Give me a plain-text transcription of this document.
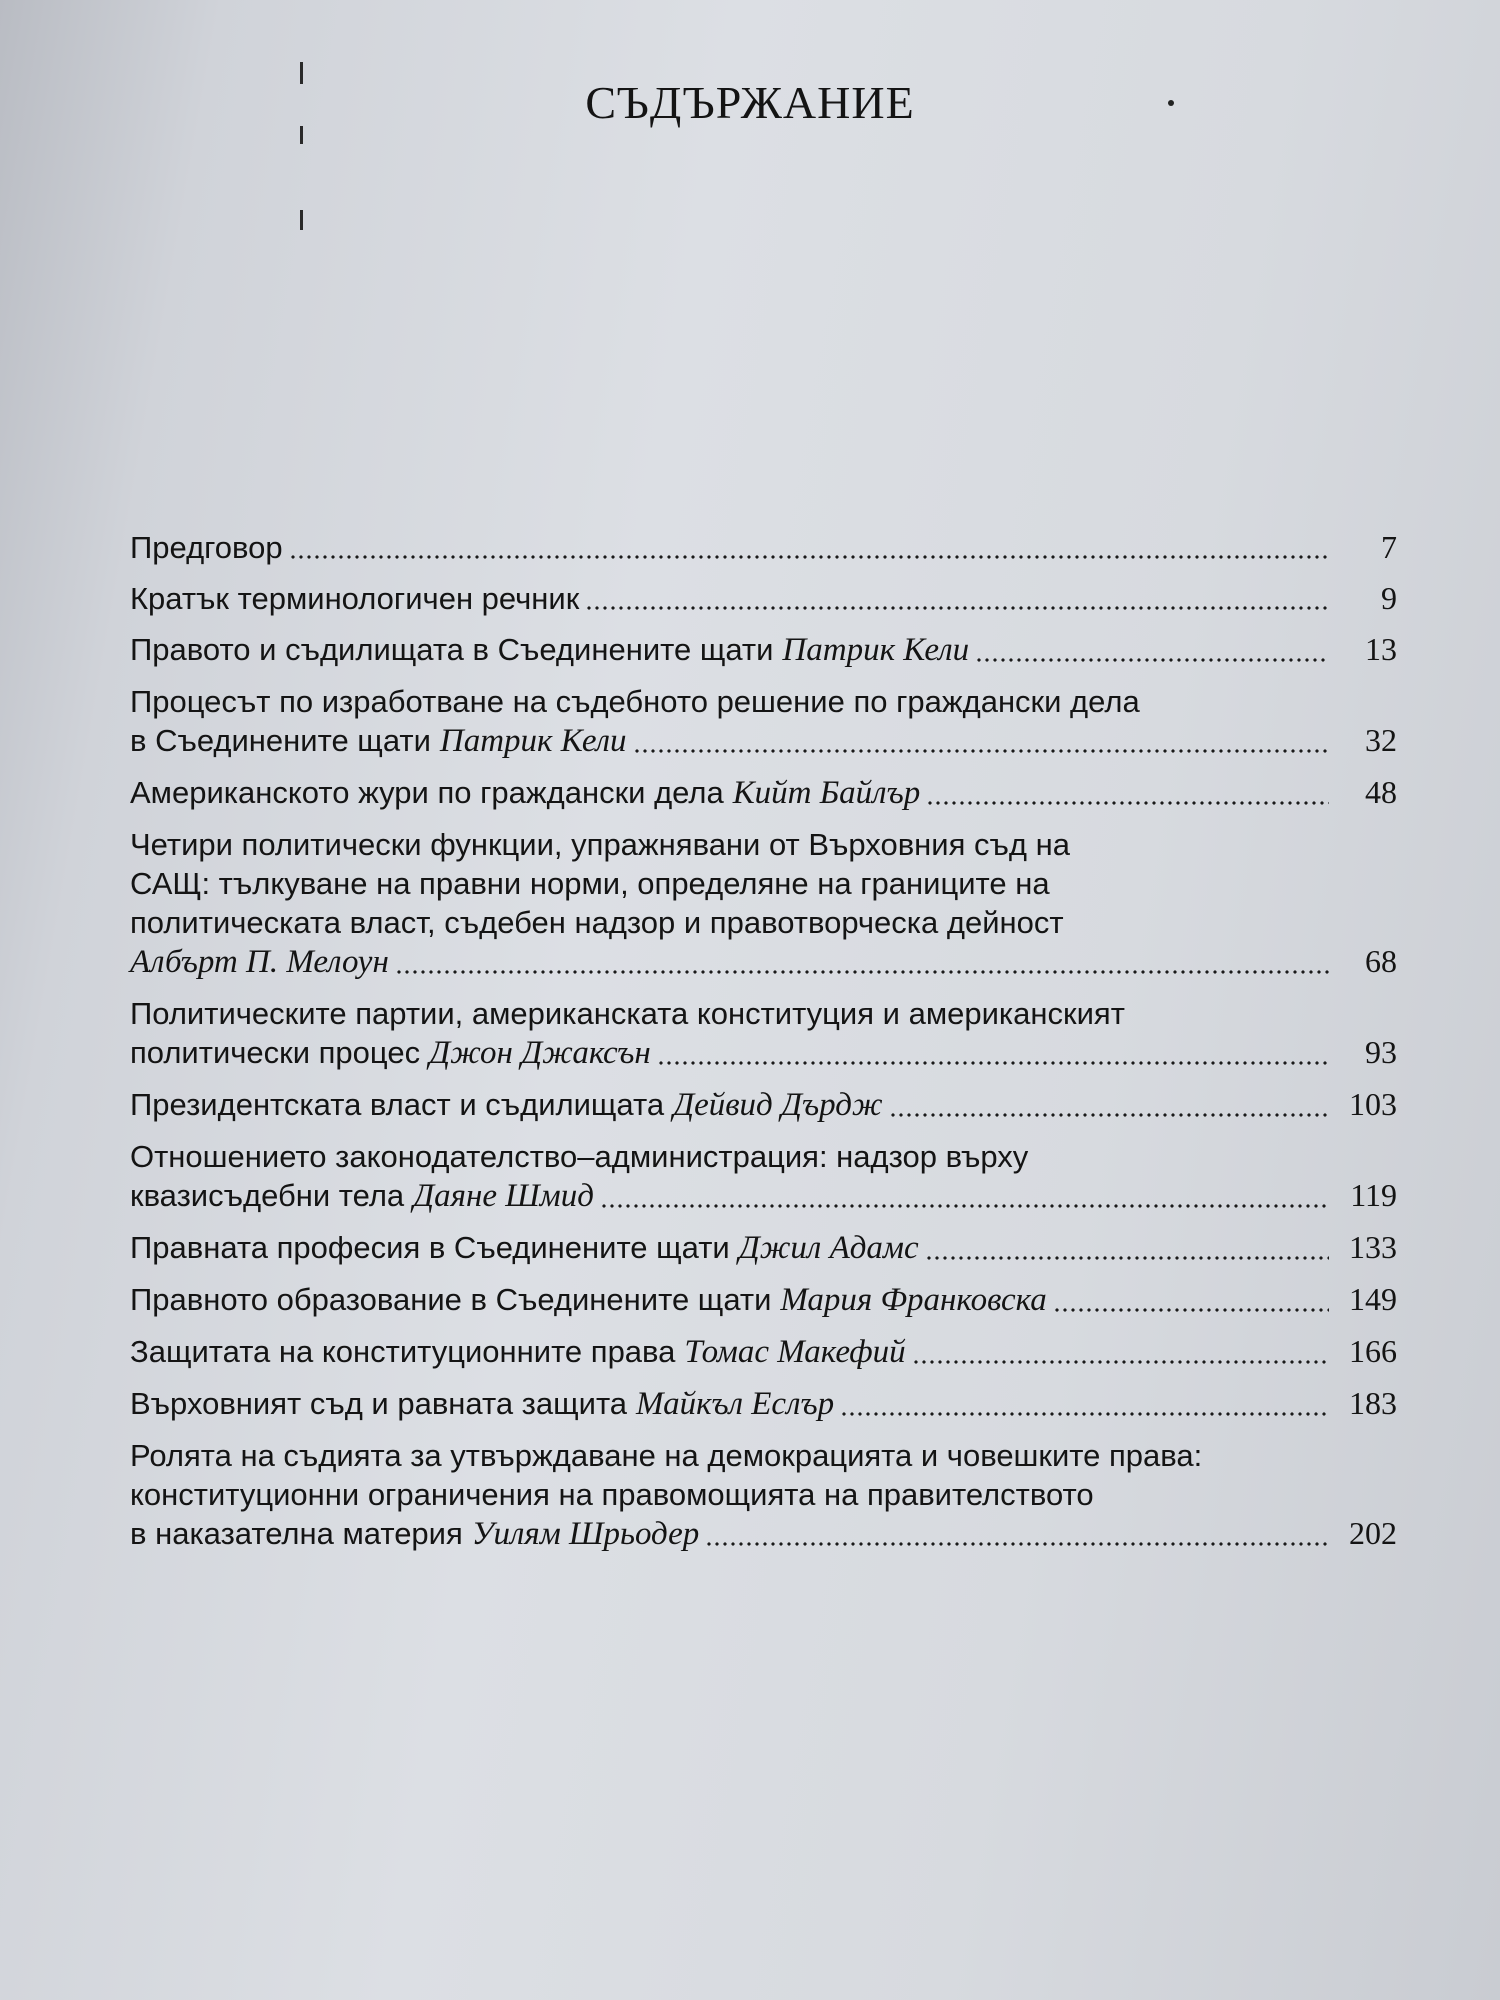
СЪДЪРЖАНИЕ
Предговор	7
Кратък терминологичен речник	9
Правото и съдилищата в Съединените щати Патрик Кели	13
Процесът по изработване на съдебното решение по граждански дела
в Съединените щати Патрик Кели	32
Американското жури по граждански дела Кийт Байлър	48
Четири политически функции, упражнявани от Върховния съд на
САЩ: тълкуване на правни норми, определяне на границите на
политическата власт, съдебен надзор и правотворческа дейност
Албърт П. Мелоун	68
Политическите партии, американската конституция и американският
политически процес Джон Джаксън	93
Президентската власт и съдилищата Дейвид Дърдж	103
Отношението законодателство–администрация: надзор върху
квазисъдебни тела Даяне Шмид	119
Правната професия в Съединените щати Джил Адамс	133
Правното образование в Съединените щати Мария Франковска	149
Защитата на конституционните права Томас Макефий	166
Върховният съд и равната защита Майкъл Еслър	183
Ролята на съдията за утвърждаване на демокрацията и човешките права:
конституционни ограничения на правомощията на правителството
в наказателна материя Уилям Шрьодер	202
